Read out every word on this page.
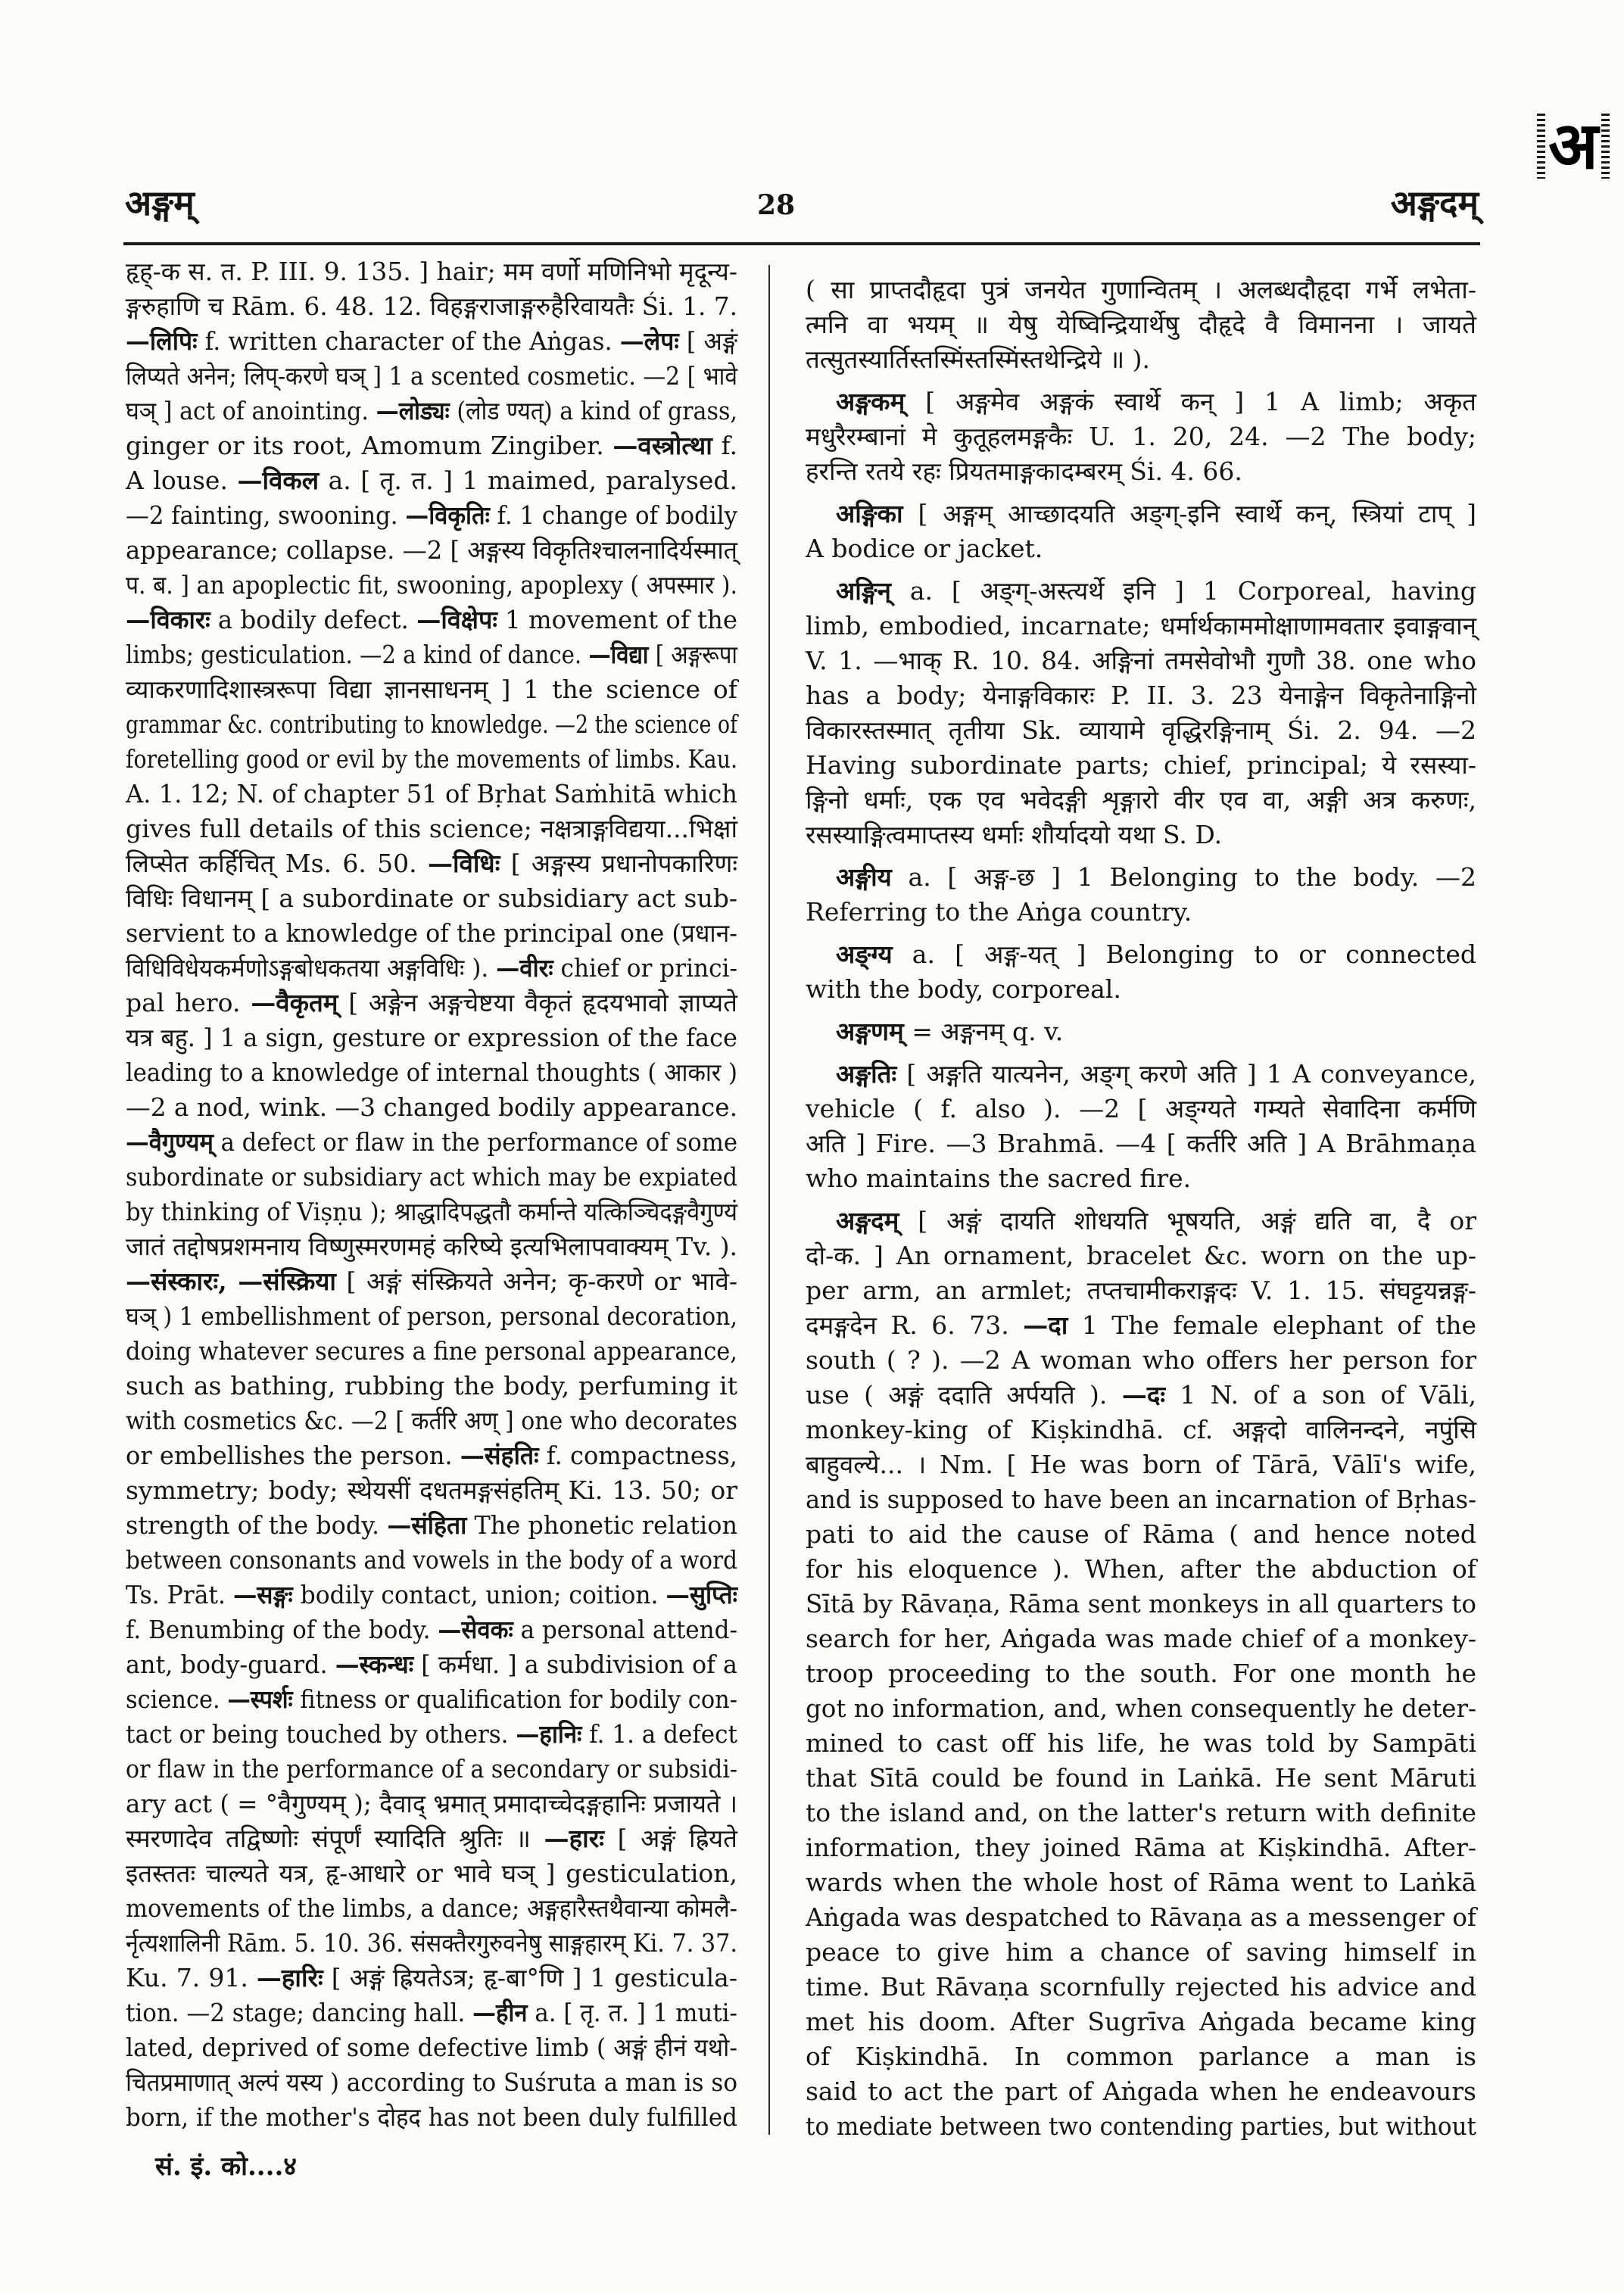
अ
अङ्गम्	28	अङ्गदम्
हृह्-क स. त. P. III. 9. 135. ] hair; मम वर्णो मणिनिभो मृदून्य-
ङ्गरुहाणि च Rām. 6. 48. 12. विहङ्गराजाङ्गरुहैरिवायतैः Śi. 1. 7.
—लिपिः f. written character of the Aṅgas. —लेपः [ अङ्गं
लिप्यते अनेन; लिप्-करणे घञ् ] 1 a scented cosmetic. —2 [ भावे
घञ् ] act of anointing. —लोड्यः (लोड ण्यत्) a kind of grass,
ginger or its root, Amomum Zingiber. —वस्त्रोत्था f.
A louse. —विकल a. [ तृ. त. ] 1 maimed, paralysed.
—2 fainting, swooning. —विकृतिः f. 1 change of bodily
appearance; collapse. —2 [ अङ्गस्य विकृतिश्चालनादिर्यस्मात्
प. ब. ] an apoplectic fit, swooning, apoplexy ( अपस्मार ).
—विकारः a bodily defect. —विक्षेपः 1 movement of the
limbs; gesticulation. —2 a kind of dance. —विद्या [ अङ्गरूपा
व्याकरणादिशास्त्ररूपा विद्या ज्ञानसाधनम् ] 1 the science of
grammar &c. contributing to knowledge. —2 the science of
foretelling good or evil by the movements of limbs. Kau.
A. 1. 12; N. of chapter 51 of Bṛhat Saṁhitā which
gives full details of this science; नक्षत्राङ्गविद्यया...भिक्षां
लिप्सेत कर्हिचित् Ms. 6. 50. —विधिः [ अङ्गस्य प्रधानोपकारिणः
विधिः विधानम् [ a subordinate or subsidiary act sub-
servient to a knowledge of the principal one (प्रधान-
विधिविधेयकर्मणोऽङ्गबोधकतया अङ्गविधिः ). —वीरः chief or princi-
pal hero. —वैकृतम् [ अङ्गेन अङ्गचेष्टया वैकृतं हृदयभावो ज्ञाप्यते
यत्र बहु. ] 1 a sign, gesture or expression of the face
leading to a knowledge of internal thoughts ( आकार )
—2 a nod, wink. —3 changed bodily appearance.
—वैगुण्यम् a defect or flaw in the performance of some
subordinate or subsidiary act which may be expiated
by thinking of Viṣṇu ); श्राद्धादिपद्धतौ कर्मान्ते यत्किञ्चिदङ्गवैगुण्यं
जातं तद्दोषप्रशमनाय विष्णुस्मरणमहं करिष्ये इत्यभिलापवाक्यम् Tv. ).
—संस्कारः, —संस्क्रिया [ अङ्गं संस्क्रियते अनेन; कृ-करणे or भावे-
घञ् ) 1 embellishment of person, personal decoration,
doing whatever secures a fine personal appearance,
such as bathing, rubbing the body, perfuming it
with cosmetics &c. —2 [ कर्तरि अण् ] one who decorates
or embellishes the person. —संहतिः f. compactness,
symmetry; body; स्थेयसीं दधतमङ्गसंहतिम् Ki. 13. 50; or
strength of the body. —संहिता The phonetic relation
between consonants and vowels in the body of a word
Ts. Prāt. —सङ्गः bodily contact, union; coition. —सुप्तिः
f. Benumbing of the body. —सेवकः a personal attend-
ant, body-guard. —स्कन्धः [ कर्मधा. ] a subdivision of a
science. —स्पर्शः fitness or qualification for bodily con-
tact or being touched by others. —हानिः f. 1. a defect
or flaw in the performance of a secondary or subsidi-
ary act ( = °वैगुण्यम् ); दैवाद् भ्रमात् प्रमादाच्चेदङ्गहानिः प्रजायते ।
स्मरणादेव तद्विष्णोः संपूर्णं स्यादिति श्रुतिः ॥ —हारः [ अङ्गं ह्रियते
इतस्ततः चाल्यते यत्र, हृ-आधारे or भावे घञ् ] gesticulation,
movements of the limbs, a dance; अङ्गहारैस्तथैवान्या कोमलै-
र्नृत्यशालिनी Rām. 5. 10. 36. संसक्तैरगुरुवनेषु साङ्गहारम् Ki. 7. 37.
Ku. 7. 91. —हारिः [ अङ्गं ह्रियतेऽत्र; हृ-बा°णि ] 1 gesticula-
tion. —2 stage; dancing hall. —हीन a. [ तृ. त. ] 1 muti-
lated, deprived of some defective limb ( अङ्गं हीनं यथो-
चितप्रमाणात् अल्पं यस्य ) according to Suśruta a man is so
born, if the mother's दोहद has not been duly fulfilled
( सा प्राप्तदौहृदा पुत्रं जनयेत गुणान्वितम् । अलब्धदौहृदा गर्भे लभेता-
त्मनि वा भयम् ॥ येषु येष्विन्द्रियार्थेषु दौहृदे वै विमानना । जायते
तत्सुतस्यार्तिस्तस्मिंस्तस्मिंस्तथेन्द्रिये ॥ ).
अङ्गकम् [ अङ्गमेव अङ्गकं स्वार्थे कन् ] 1 A limb; अकृत
मधुरैरम्बानां मे कुतूहलमङ्गकैः U. 1. 20, 24. —2 The body;
हरन्ति रतये रहः प्रियतमाङ्गकादम्बरम् Śi. 4. 66.
अङ्गिका [ अङ्गम् आच्छादयति अङ्ग्-इनि स्वार्थे कन्, स्त्रियां टाप् ]
A bodice or jacket.
अङ्गिन् a. [ अङ्ग्-अस्त्यर्थे इनि ] 1 Corporeal, having
limb, embodied, incarnate; धर्मार्थकाममोक्षाणामवतार इवाङ्गवान्
V. 1. —भाक् R. 10. 84. अङ्गिनां तमसेवोभौ गुणौ 38. one who
has a body; येनाङ्गविकारः P. II. 3. 23 येनाङ्गेन विकृतेनाङ्गिनो
विकारस्तस्मात् तृतीया Sk. व्यायामे वृद्धिरङ्गिनाम् Śi. 2. 94. —2
Having subordinate parts; chief, principal; ये रसस्या-
ङ्गिनो धर्माः, एक एव भवेदङ्गी शृङ्गारो वीर एव वा, अङ्गी अत्र करुणः,
रसस्याङ्गित्वमाप्तस्य धर्माः शौर्यादयो यथा S. D.
अङ्गीय a. [ अङ्ग-छ ] 1 Belonging to the body. —2
Referring to the Aṅga country.
अङ्ग्य a. [ अङ्ग-यत् ] Belonging to or connected
with the body, corporeal.
अङ्गणम् = अङ्गनम् q. v.
अङ्गतिः [ अङ्गति यात्यनेन, अङ्ग् करणे अति ] 1 A conveyance,
vehicle ( f. also ). —2 [ अङ्ग्यते गम्यते सेवादिना कर्मणि
अति ] Fire. —3 Brahmā. —4 [ कर्तरि अति ] A Brāhmaṇa
who maintains the sacred fire.
अङ्गदम् [ अङ्गं दायति शोधयति भूषयति, अङ्गं द्यति वा, दै or
दो-क. ] An ornament, bracelet &c. worn on the up-
per arm, an armlet; तप्तचामीकराङ्गदः V. 1. 15. संघट्टयन्नङ्ग-
दमङ्गदेन R. 6. 73. —दा 1 The female elephant of the
south ( ? ). —2 A woman who offers her person for
use ( अङ्गं ददाति अर्पयति ). —दः 1 N. of a son of Vāli,
monkey-king of Kiṣkindhā. cf. अङ्गदो वालिनन्दने, नपुंसि
बाहुवल्ये... । Nm. [ He was born of Tārā, Vālī's wife,
and is supposed to have been an incarnation of Bṛhas-
pati to aid the cause of Rāma ( and hence noted
for his eloquence ). When, after the abduction of
Sītā by Rāvaṇa, Rāma sent monkeys in all quarters to
search for her, Aṅgada was made chief of a monkey-
troop proceeding to the south. For one month he
got no information, and, when consequently he deter-
mined to cast off his life, he was told by Sampāti
that Sītā could be found in Laṅkā. He sent Māruti
to the island and, on the latter's return with definite
information, they joined Rāma at Kiṣkindhā. After-
wards when the whole host of Rāma went to Laṅkā
Aṅgada was despatched to Rāvaṇa as a messenger of
peace to give him a chance of saving himself in
time. But Rāvaṇa scornfully rejected his advice and
met his doom. After Sugrīva Aṅgada became king
of Kiṣkindhā. In common parlance a man is
said to act the part of Aṅgada when he endeavours
to mediate between two contending parties, but without
सं. इं. को....४
